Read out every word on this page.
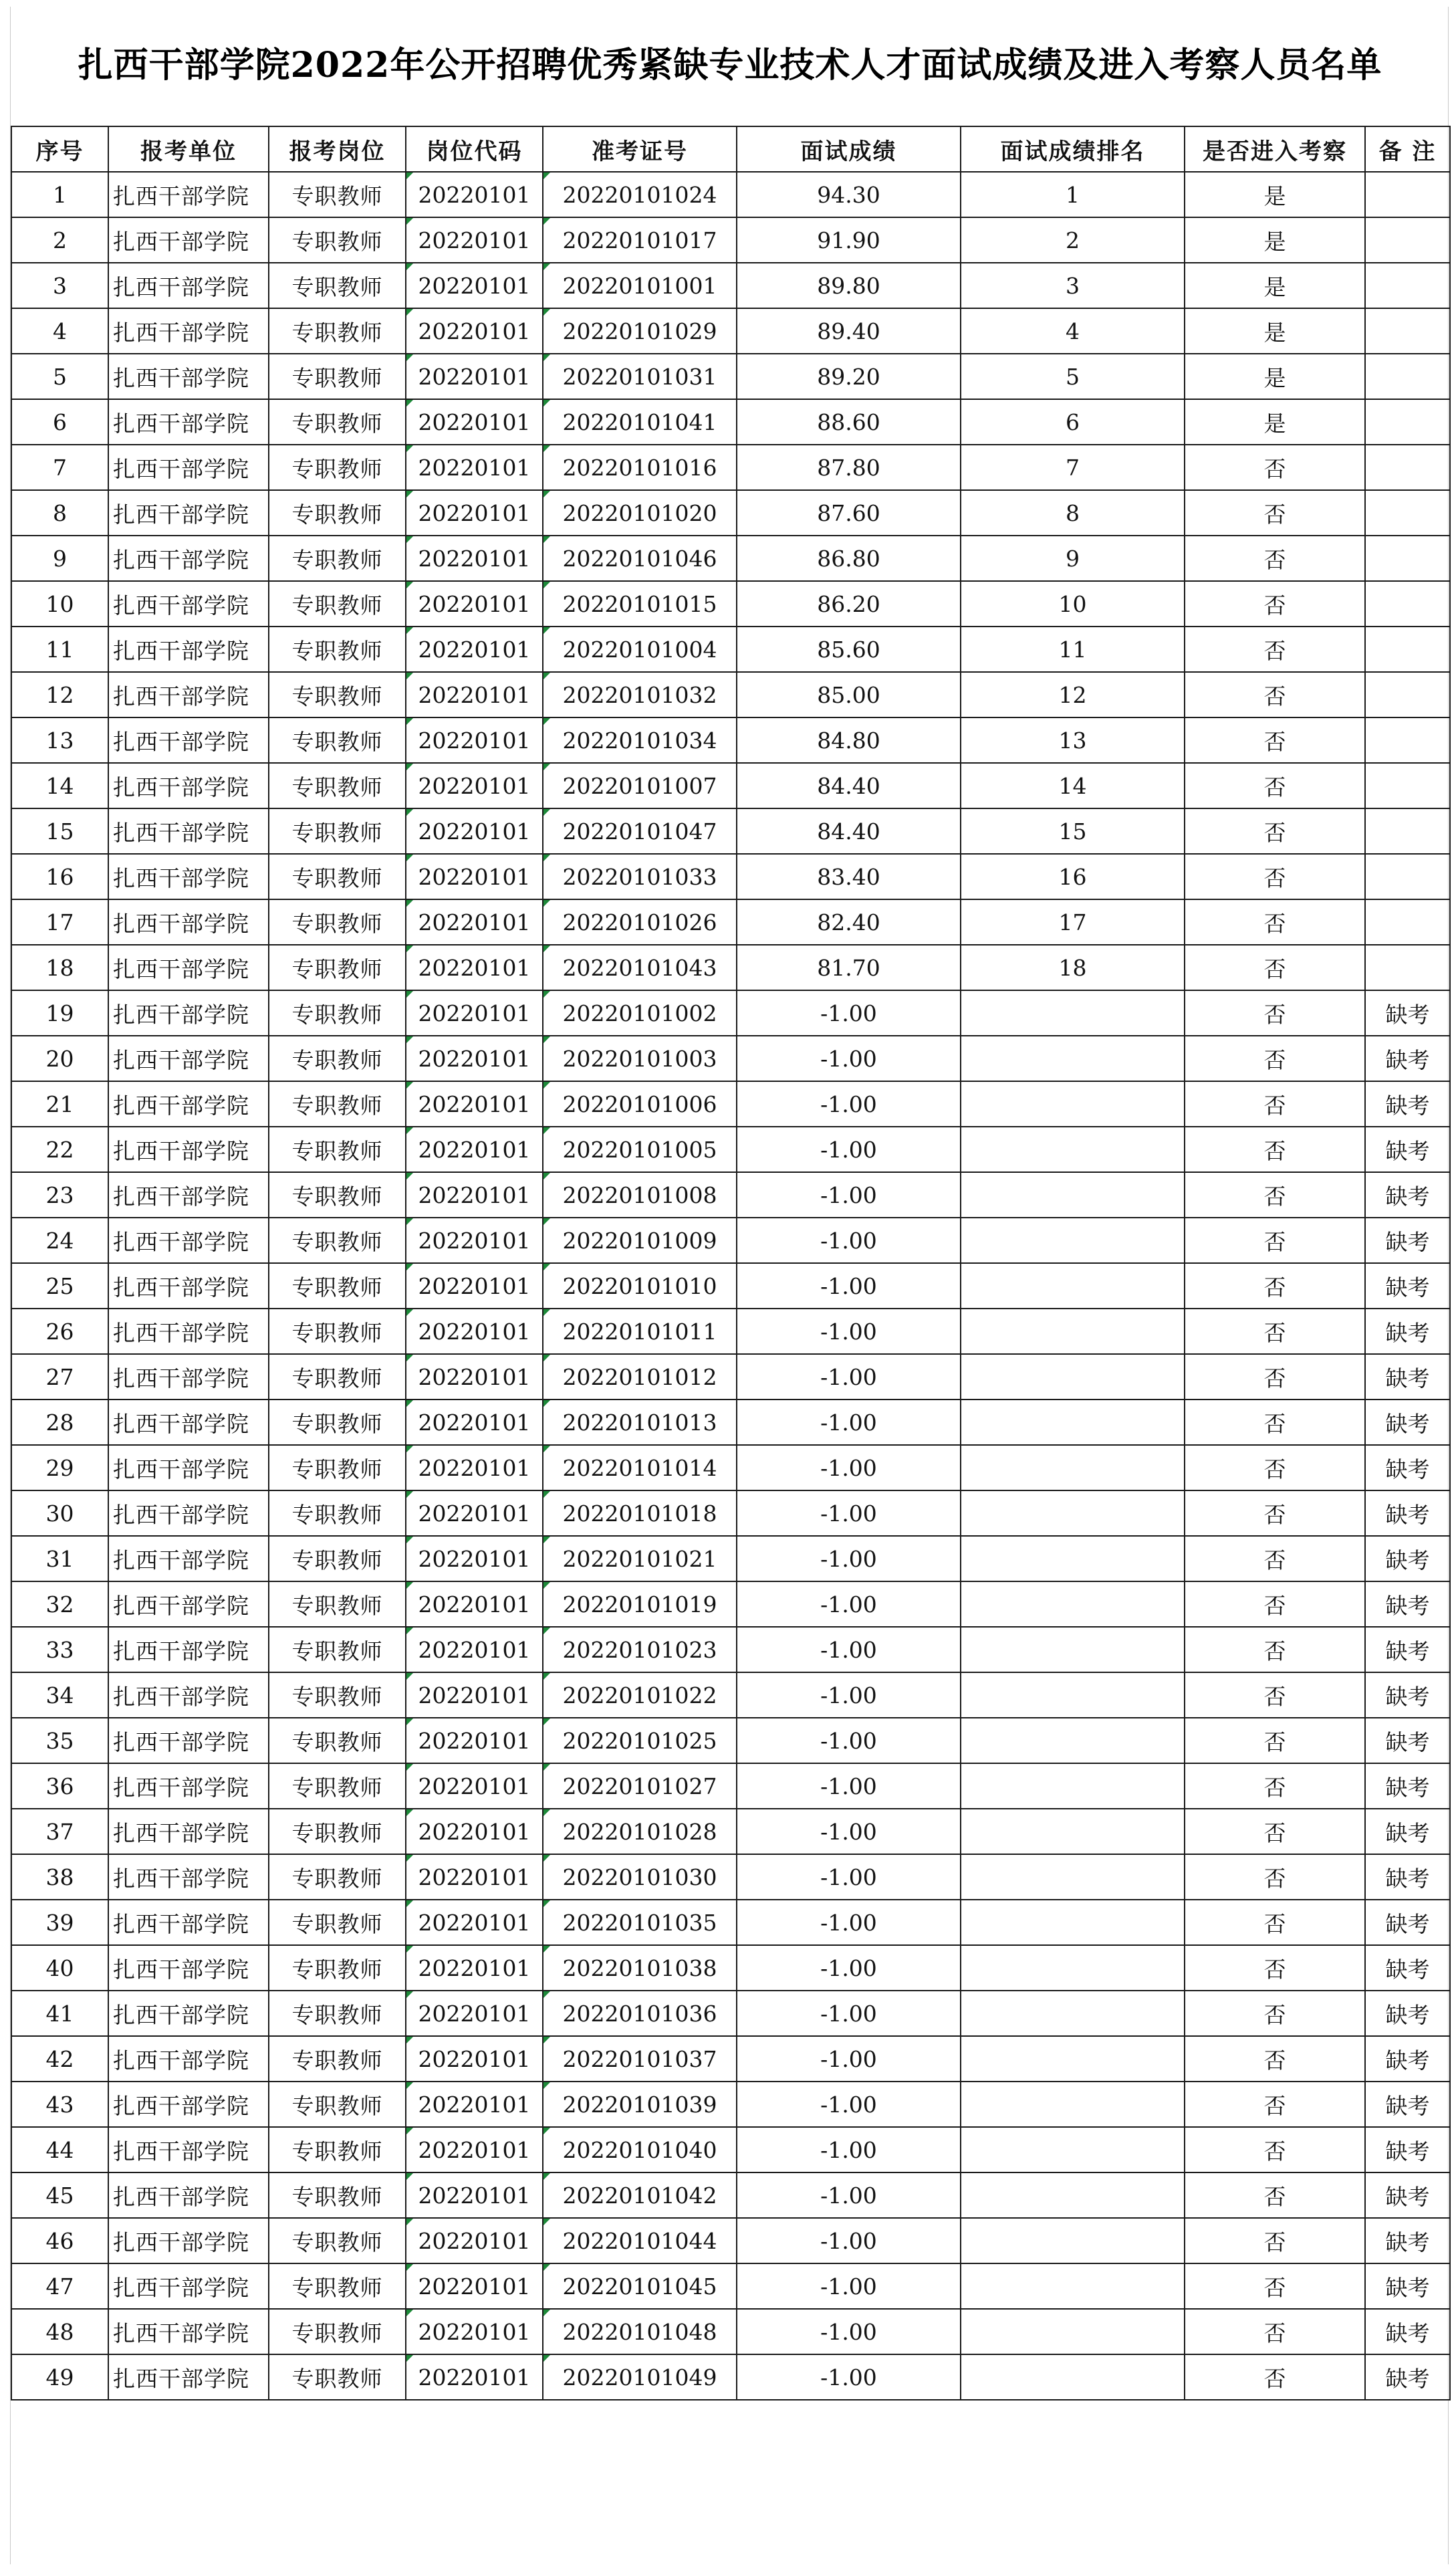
扎西干部学院2022年公开招聘优秀紧缺专业技术人才面试成绩及进入考察人员名单
序号	报考单位	报考岗位	岗位代码	准考证号	面试成绩	面试成绩排名	是否进入考察	备 注
1	扎西干部学院	专职教师	20220101	20220101024	94.30	1	是	
2	扎西干部学院	专职教师	20220101	20220101017	91.90	2	是	
3	扎西干部学院	专职教师	20220101	20220101001	89.80	3	是	
4	扎西干部学院	专职教师	20220101	20220101029	89.40	4	是	
5	扎西干部学院	专职教师	20220101	20220101031	89.20	5	是	
6	扎西干部学院	专职教师	20220101	20220101041	88.60	6	是	
7	扎西干部学院	专职教师	20220101	20220101016	87.80	7	否	
8	扎西干部学院	专职教师	20220101	20220101020	87.60	8	否	
9	扎西干部学院	专职教师	20220101	20220101046	86.80	9	否	
10	扎西干部学院	专职教师	20220101	20220101015	86.20	10	否	
11	扎西干部学院	专职教师	20220101	20220101004	85.60	11	否	
12	扎西干部学院	专职教师	20220101	20220101032	85.00	12	否	
13	扎西干部学院	专职教师	20220101	20220101034	84.80	13	否	
14	扎西干部学院	专职教师	20220101	20220101007	84.40	14	否	
15	扎西干部学院	专职教师	20220101	20220101047	84.40	15	否	
16	扎西干部学院	专职教师	20220101	20220101033	83.40	16	否	
17	扎西干部学院	专职教师	20220101	20220101026	82.40	17	否	
18	扎西干部学院	专职教师	20220101	20220101043	81.70	18	否	
19	扎西干部学院	专职教师	20220101	20220101002	-1.00		否	缺考
20	扎西干部学院	专职教师	20220101	20220101003	-1.00		否	缺考
21	扎西干部学院	专职教师	20220101	20220101006	-1.00		否	缺考
22	扎西干部学院	专职教师	20220101	20220101005	-1.00		否	缺考
23	扎西干部学院	专职教师	20220101	20220101008	-1.00		否	缺考
24	扎西干部学院	专职教师	20220101	20220101009	-1.00		否	缺考
25	扎西干部学院	专职教师	20220101	20220101010	-1.00		否	缺考
26	扎西干部学院	专职教师	20220101	20220101011	-1.00		否	缺考
27	扎西干部学院	专职教师	20220101	20220101012	-1.00		否	缺考
28	扎西干部学院	专职教师	20220101	20220101013	-1.00		否	缺考
29	扎西干部学院	专职教师	20220101	20220101014	-1.00		否	缺考
30	扎西干部学院	专职教师	20220101	20220101018	-1.00		否	缺考
31	扎西干部学院	专职教师	20220101	20220101021	-1.00		否	缺考
32	扎西干部学院	专职教师	20220101	20220101019	-1.00		否	缺考
33	扎西干部学院	专职教师	20220101	20220101023	-1.00		否	缺考
34	扎西干部学院	专职教师	20220101	20220101022	-1.00		否	缺考
35	扎西干部学院	专职教师	20220101	20220101025	-1.00		否	缺考
36	扎西干部学院	专职教师	20220101	20220101027	-1.00		否	缺考
37	扎西干部学院	专职教师	20220101	20220101028	-1.00		否	缺考
38	扎西干部学院	专职教师	20220101	20220101030	-1.00		否	缺考
39	扎西干部学院	专职教师	20220101	20220101035	-1.00		否	缺考
40	扎西干部学院	专职教师	20220101	20220101038	-1.00		否	缺考
41	扎西干部学院	专职教师	20220101	20220101036	-1.00		否	缺考
42	扎西干部学院	专职教师	20220101	20220101037	-1.00		否	缺考
43	扎西干部学院	专职教师	20220101	20220101039	-1.00		否	缺考
44	扎西干部学院	专职教师	20220101	20220101040	-1.00		否	缺考
45	扎西干部学院	专职教师	20220101	20220101042	-1.00		否	缺考
46	扎西干部学院	专职教师	20220101	20220101044	-1.00		否	缺考
47	扎西干部学院	专职教师	20220101	20220101045	-1.00		否	缺考
48	扎西干部学院	专职教师	20220101	20220101048	-1.00		否	缺考
49	扎西干部学院	专职教师	20220101	20220101049	-1.00		否	缺考
